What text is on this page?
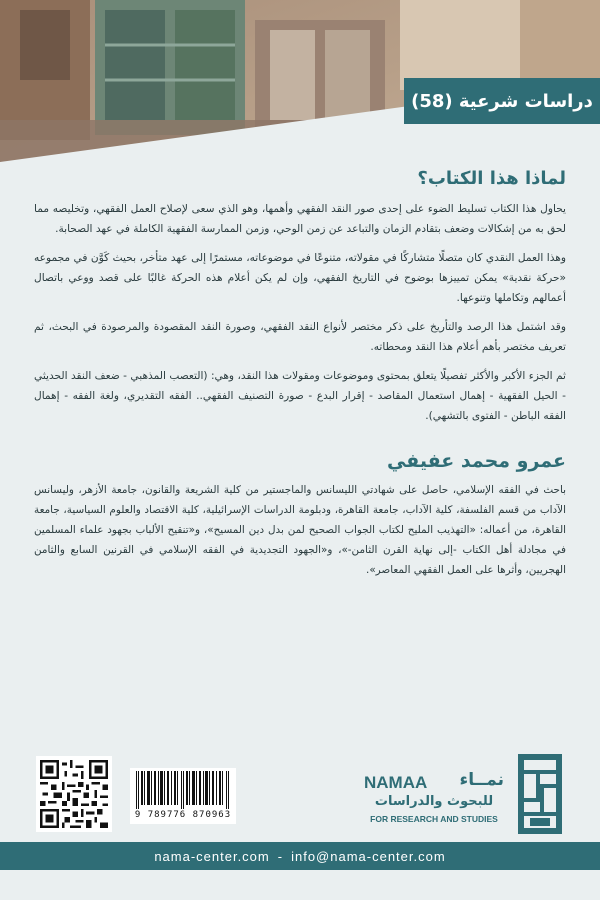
دراسات شرعية (58)
لماذا هذا الكتاب؟

يحاول هذا الكتاب تسليط الضوء على إحدى صور النقد الفقهي وأهمها، وهو الذي سعى لإصلاح العمل الفقهي، وتخليصه مما لحق به من إشكالات وضعف بتقادم الزمان والتباعد عن زمن الوحي، وزمن الممارسة الفقهية الكاملة في عهد الصحابة.

وهذا العمل النقدي كان متصلًا متشاركًا في مقولاته، متنوعًا في موضوعاته، مستمرًا إلى عهد متأخر، بحيث كَوَّن في مجموعه «حركة نقدية» يمكن تمييزها بوضوح في التاريخ الفقهي، وإن لم يكن أعلام هذه الحركة غالبًا على قصد ووعي باتصال أعمالهم وتكاملها وتنوعها.

وقد اشتمل هذا الرصد والتأريخ على ذكر مختصر لأنواع النقد الفقهي، وصورة النقد المقصودة والمرصودة في البحث، ثم تعريف مختصر بأهم أعلام هذا النقد ومحطاته.

ثم الجزء الأكبر والأكثر تفصيلًا يتعلق بمحتوى وموضوعات ومقولات هذا النقد، وهي: (التعصب المذهبي - ضعف النقد الحديثي - الحيل الفقهية - إهمال استعمال المقاصد - إقرار البدع - صورة التصنيف الفقهي.. الفقه التقديري، ولغة الفقه - إهمال الفقه الباطن - الفتوى بالتشهي).

عمرو محمد عفيفي

باحث في الفقه الإسلامي، حاصل على شهادتي الليسانس والماجستير من كلية الشريعة والقانون، جامعة الأزهر، وليسانس الآداب من قسم الفلسفة، كلية الآداب، جامعة القاهرة، ودبلومة الدراسات الإسرائيلية، كلية الاقتصاد والعلوم السياسية، جامعة القاهرة، من أعماله: «التهذيب المليح لكتاب الجواب الصحيح لمن بدل دين المسيح»، و«تنقيح الألباب بجهود علماء المسلمين في مجادلة أهل الكتاب -إلى نهاية القرن الثامن-»، و«الجهود التجديدية في الفقه الإسلامي في القرنين السابع والثامن الهجريين، وأثرها على العمل الفقهي المعاصر».

9 789776 870963
NAMAA نمــاء
للبحوث والدراسات
FOR RESEARCH AND STUDIES
nama-center.com - info@nama-center.com
